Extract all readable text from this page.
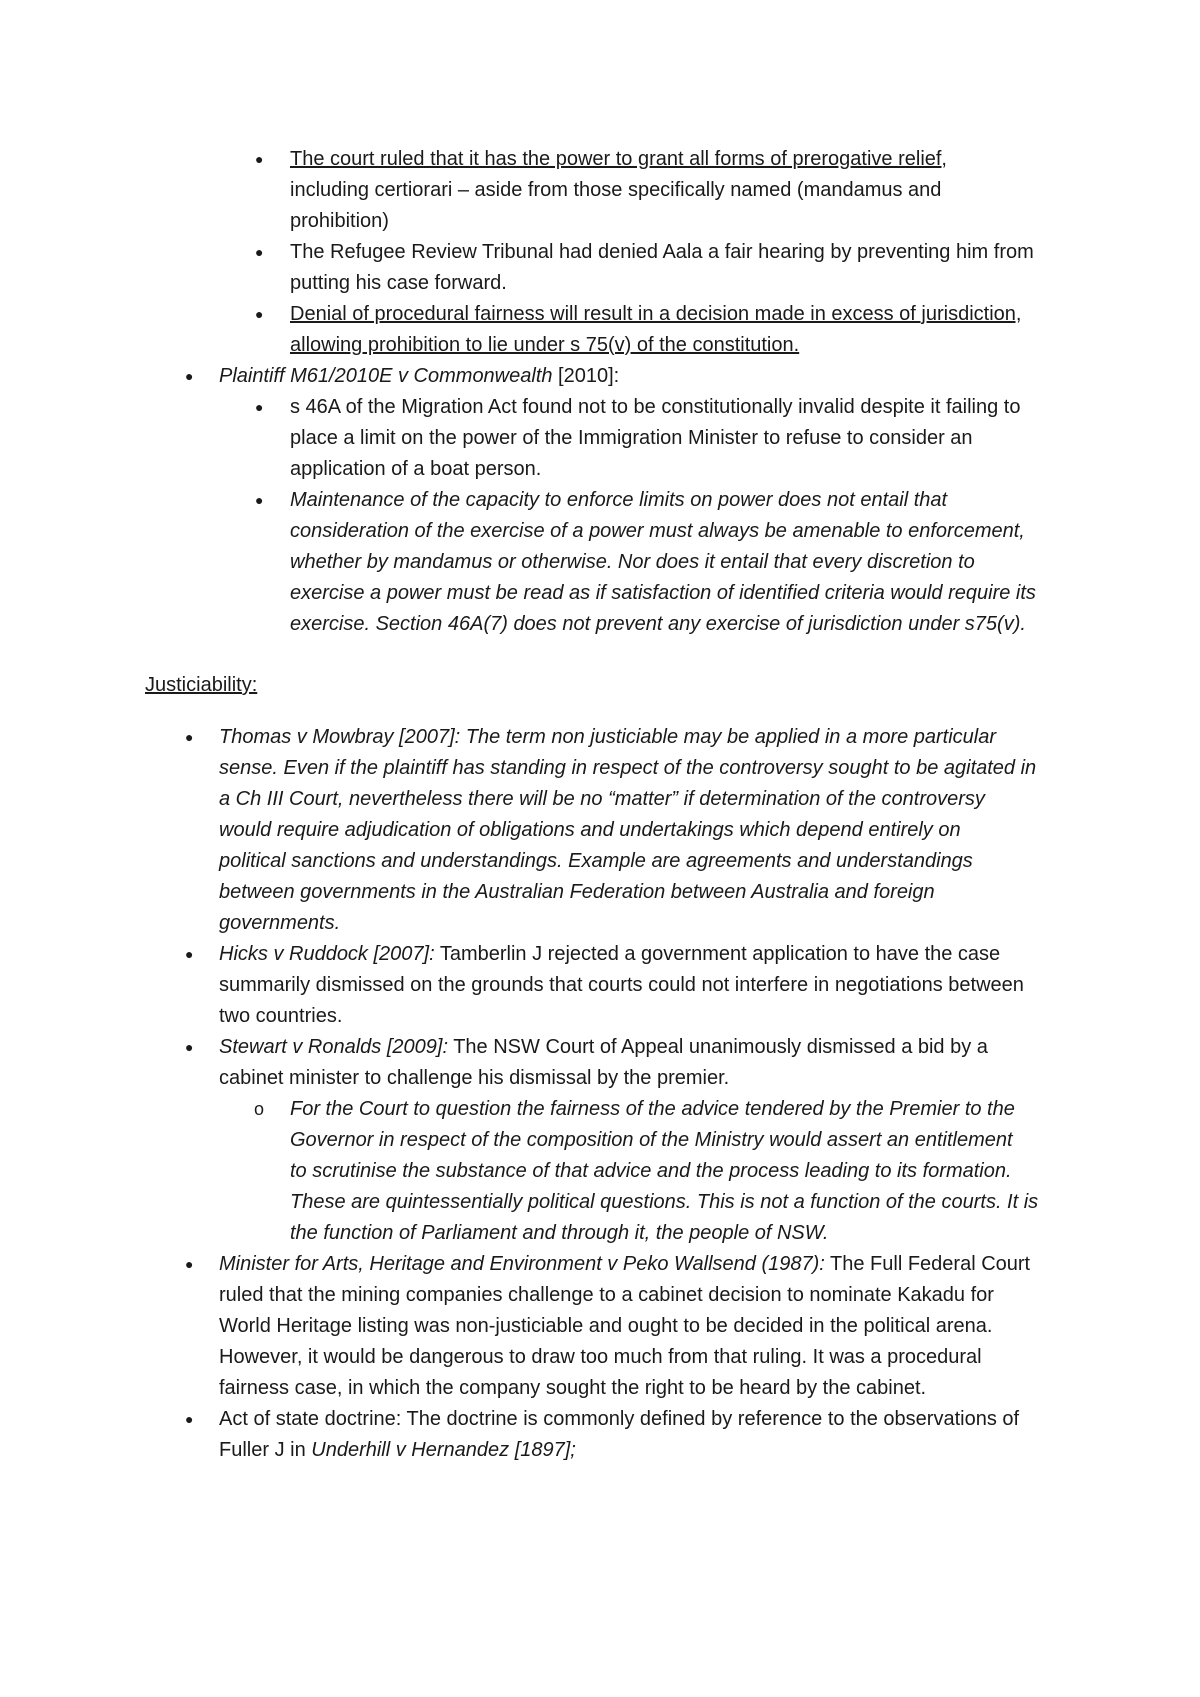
● The court ruled that it has the power to grant all forms of prerogative relief,
including certiorari – aside from those specifically named (mandamus and
prohibition)
● The Refugee Review Tribunal had denied Aala a fair hearing by preventing him from
putting his case forward.
● Denial of procedural fairness will result in a decision made in excess of jurisdiction,
allowing prohibition to lie under s 75(v) of the constitution.
● Plaintiff M61/2010E v Commonwealth [2010]:
● s 46A of the Migration Act found not to be constitutionally invalid despite it failing to
place a limit on the power of the Immigration Minister to refuse to consider an
application of a boat person.
● Maintenance of the capacity to enforce limits on power does not entail that
consideration of the exercise of a power must always be amenable to enforcement,
whether by mandamus or otherwise. Nor does it entail that every discretion to
exercise a power must be read as if satisfaction of identified criteria would require its
exercise. Section 46A(7) does not prevent any exercise of jurisdiction under s75(v).
Justiciability:
● Thomas v Mowbray [2007]: The term non justiciable may be applied in a more particular
sense. Even if the plaintiff has standing in respect of the controversy sought to be agitated in
a Ch III Court, nevertheless there will be no “matter” if determination of the controversy
would require adjudication of obligations and undertakings which depend entirely on
political sanctions and understandings. Example are agreements and understandings
between governments in the Australian Federation between Australia and foreign
governments.
● Hicks v Ruddock [2007]: Tamberlin J rejected a government application to have the case
summarily dismissed on the grounds that courts could not interfere in negotiations between
two countries.
● Stewart v Ronalds [2009]: The NSW Court of Appeal unanimously dismissed a bid by a
cabinet minister to challenge his dismissal by the premier.
o For the Court to question the fairness of the advice tendered by the Premier to the
Governor in respect of the composition of the Ministry would assert an entitlement
to scrutinise the substance of that advice and the process leading to its formation.
These are quintessentially political questions. This is not a function of the courts. It is
the function of Parliament and through it, the people of NSW.
● Minister for Arts, Heritage and Environment v Peko Wallsend (1987): The Full Federal Court
ruled that the mining companies challenge to a cabinet decision to nominate Kakadu for
World Heritage listing was non-justiciable and ought to be decided in the political arena.
However, it would be dangerous to draw too much from that ruling. It was a procedural
fairness case, in which the company sought the right to be heard by the cabinet.
● Act of state doctrine: The doctrine is commonly defined by reference to the observations of
Fuller J in Underhill v Hernandez [1897];
